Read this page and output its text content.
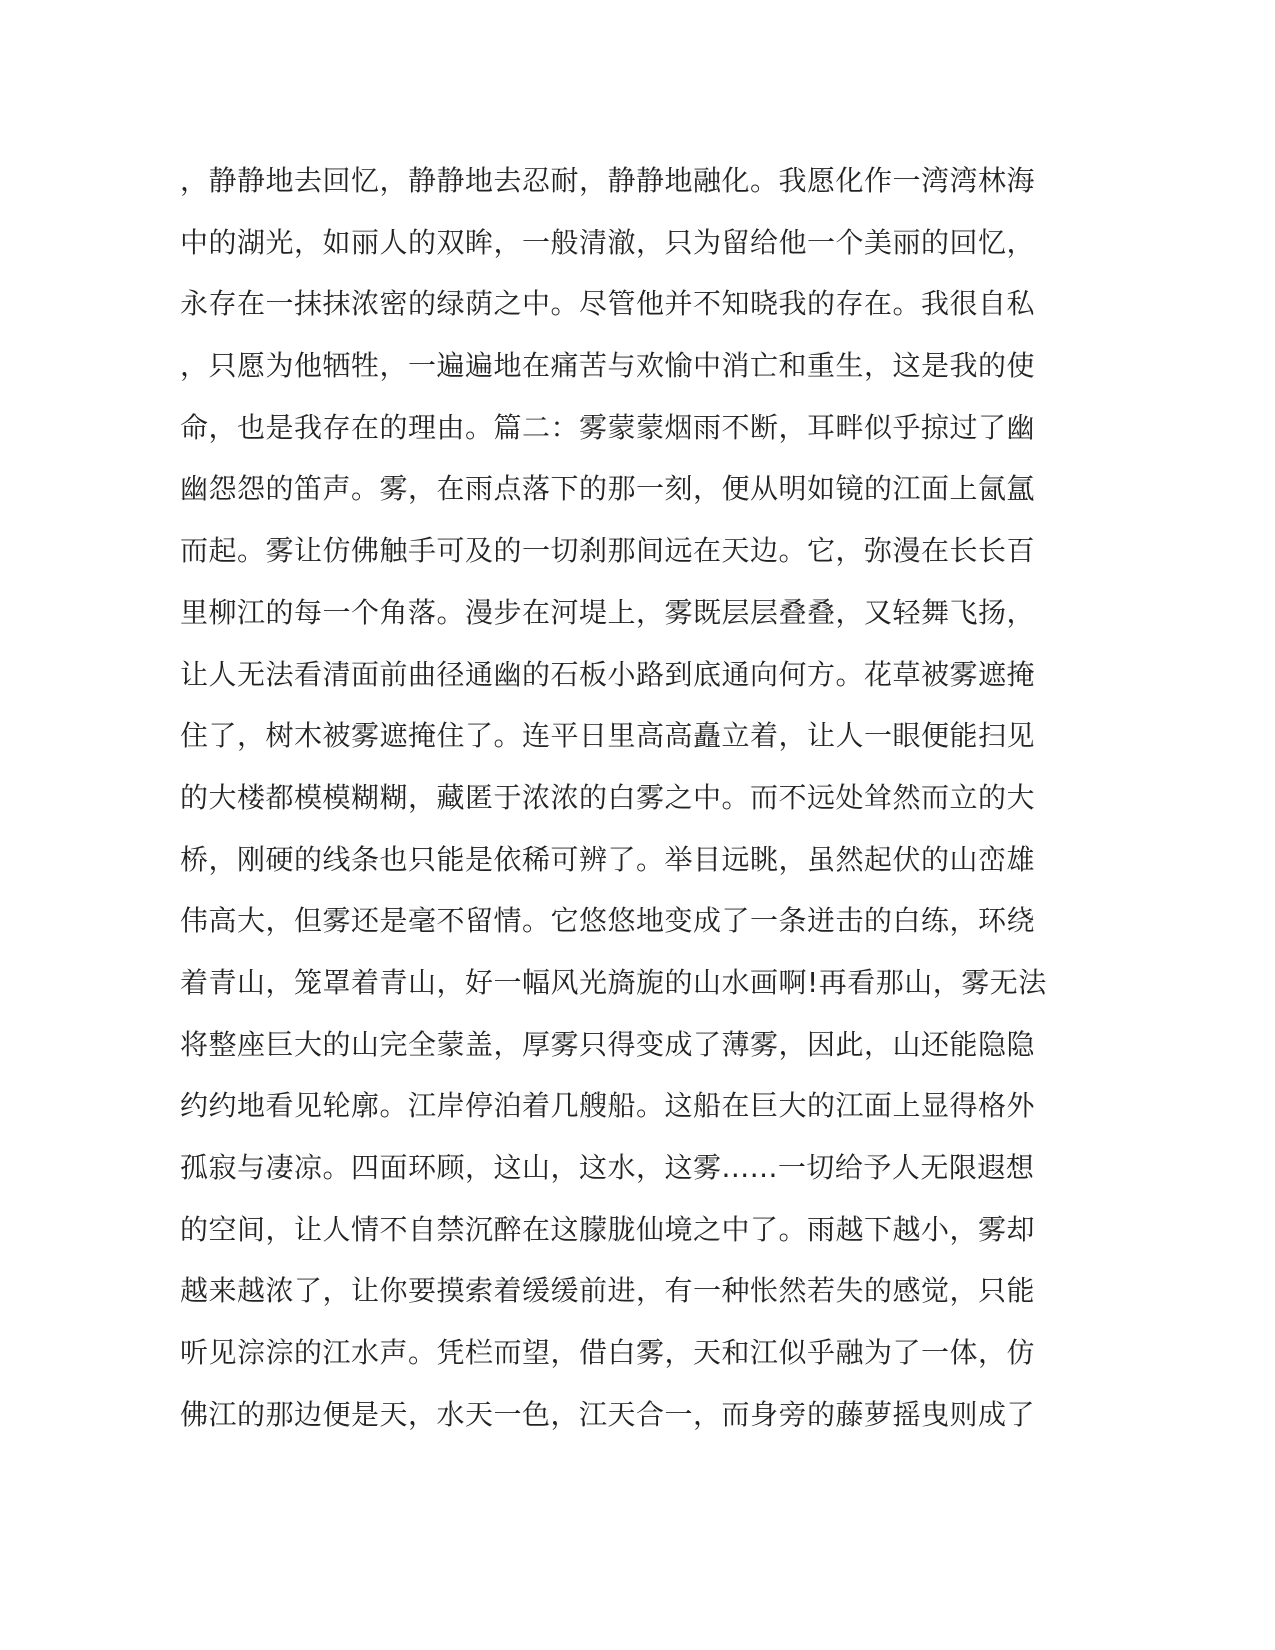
，静静地去回忆，静静地去忍耐，静静地融化。我愿化作一湾湾林海
中的湖光，如丽人的双眸，一般清澈，只为留给他一个美丽的回忆，
永存在一抹抹浓密的绿荫之中。尽管他并不知晓我的存在。我很自私
，只愿为他牺牲，一遍遍地在痛苦与欢愉中消亡和重生，这是我的使
命，也是我存在的理由。篇二：雾蒙蒙烟雨不断，耳畔似乎掠过了幽
幽怨怨的笛声。雾，在雨点落下的那一刻，便从明如镜的江面上氤氲
而起。雾让仿佛触手可及的一切刹那间远在天边。它，弥漫在长长百
里柳江的每一个角落。漫步在河堤上，雾既层层叠叠，又轻舞飞扬，
让人无法看清面前曲径通幽的石板小路到底通向何方。花草被雾遮掩
住了，树木被雾遮掩住了。连平日里高高矗立着，让人一眼便能扫见
的大楼都模模糊糊，藏匿于浓浓的白雾之中。而不远处耸然而立的大
桥，刚硬的线条也只能是依稀可辨了。举目远眺，虽然起伏的山峦雄
伟高大，但雾还是毫不留情。它悠悠地变成了一条迸击的白练，环绕
着青山，笼罩着青山，好一幅风光旖旎的山水画啊!再看那山，雾无法
将整座巨大的山完全蒙盖，厚雾只得变成了薄雾，因此，山还能隐隐
约约地看见轮廓。江岸停泊着几艘船。这船在巨大的江面上显得格外
孤寂与凄凉。四面环顾，这山，这水，这雾......一切给予人无限遐想
的空间，让人情不自禁沉醉在这朦胧仙境之中了。雨越下越小，雾却
越来越浓了，让你要摸索着缓缓前进，有一种怅然若失的感觉，只能
听见淙淙的江水声。凭栏而望，借白雾，天和江似乎融为了一体，仿
佛江的那边便是天，水天一色，江天合一，而身旁的藤萝摇曳则成了
